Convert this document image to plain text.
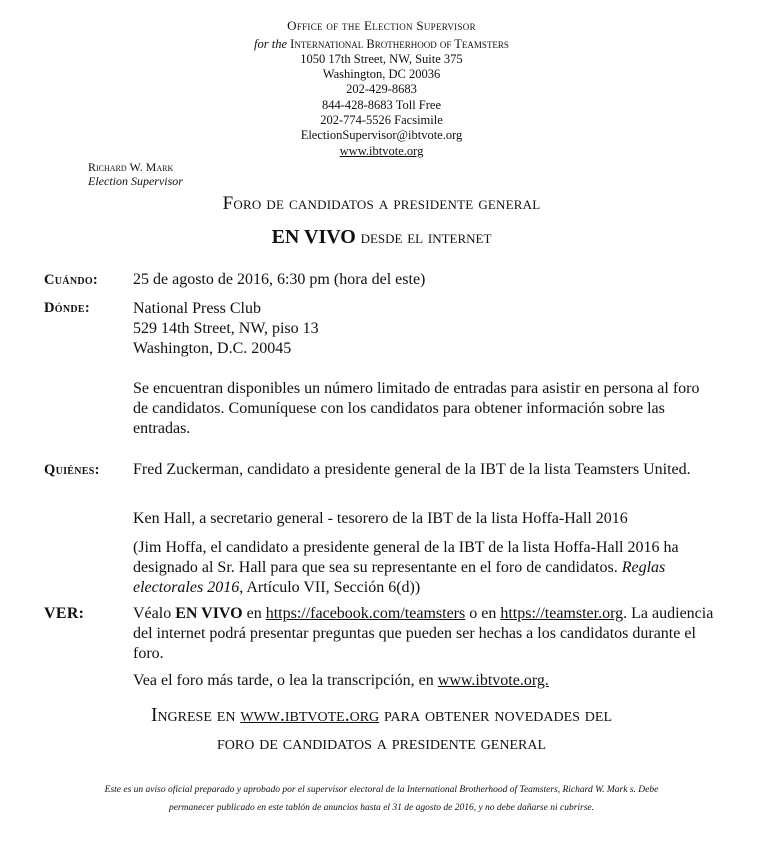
Office of the Election Supervisor
for the International Brotherhood of Teamsters
1050 17th Street, NW, Suite 375
Washington, DC 20036
202-429-8683
844-428-8683 Toll Free
202-774-5526 Facsimile
ElectionSupervisor@ibtvote.org
www.ibtvote.org
Richard W. Mark
Election Supervisor
Foro de candidatos a presidente general
EN VIVO desde el internet
Cuándo: 25 de agosto de 2016, 6:30 pm (hora del este)
Dónde:	National Press Club
529 14th Street, NW, piso 13
Washington, D.C. 20045
Se encuentran disponibles un número limitado de entradas para asistir en persona al foro de candidatos. Comuníquese con los candidatos para obtener información sobre las entradas.
Quiénes: Fred Zuckerman, candidato a presidente general de la IBT de la lista Teamsters United.
Ken Hall, a secretario general - tesorero de la IBT de la lista Hoffa-Hall 2016
(Jim Hoffa, el candidato a presidente general de la IBT de la lista Hoffa-Hall 2016 ha designado al Sr. Hall para que sea su representante en el foro de candidatos. Reglas electorales 2016, Artículo VII, Sección 6(d))
VER:	Véalo EN VIVO en https://facebook.com/teamsters o en https://teamster.org. La audiencia del internet podrá presentar preguntas que pueden ser hechas a los candidatos durante el foro.
Vea el foro más tarde, o lea la transcripción, en www.ibtvote.org.
Ingrese en www.ibtvote.org para obtener novedades del
foro de candidatos a presidente general
Este es un aviso oficial preparado y aprobado por el supervisor electoral de la International Brotherhood of Teamsters, Richard W. Mark s. Debe
permanecer publicado en este tablón de anuncios hasta el 31 de agosto de 2016, y no debe dañarse ni cubrirse.
